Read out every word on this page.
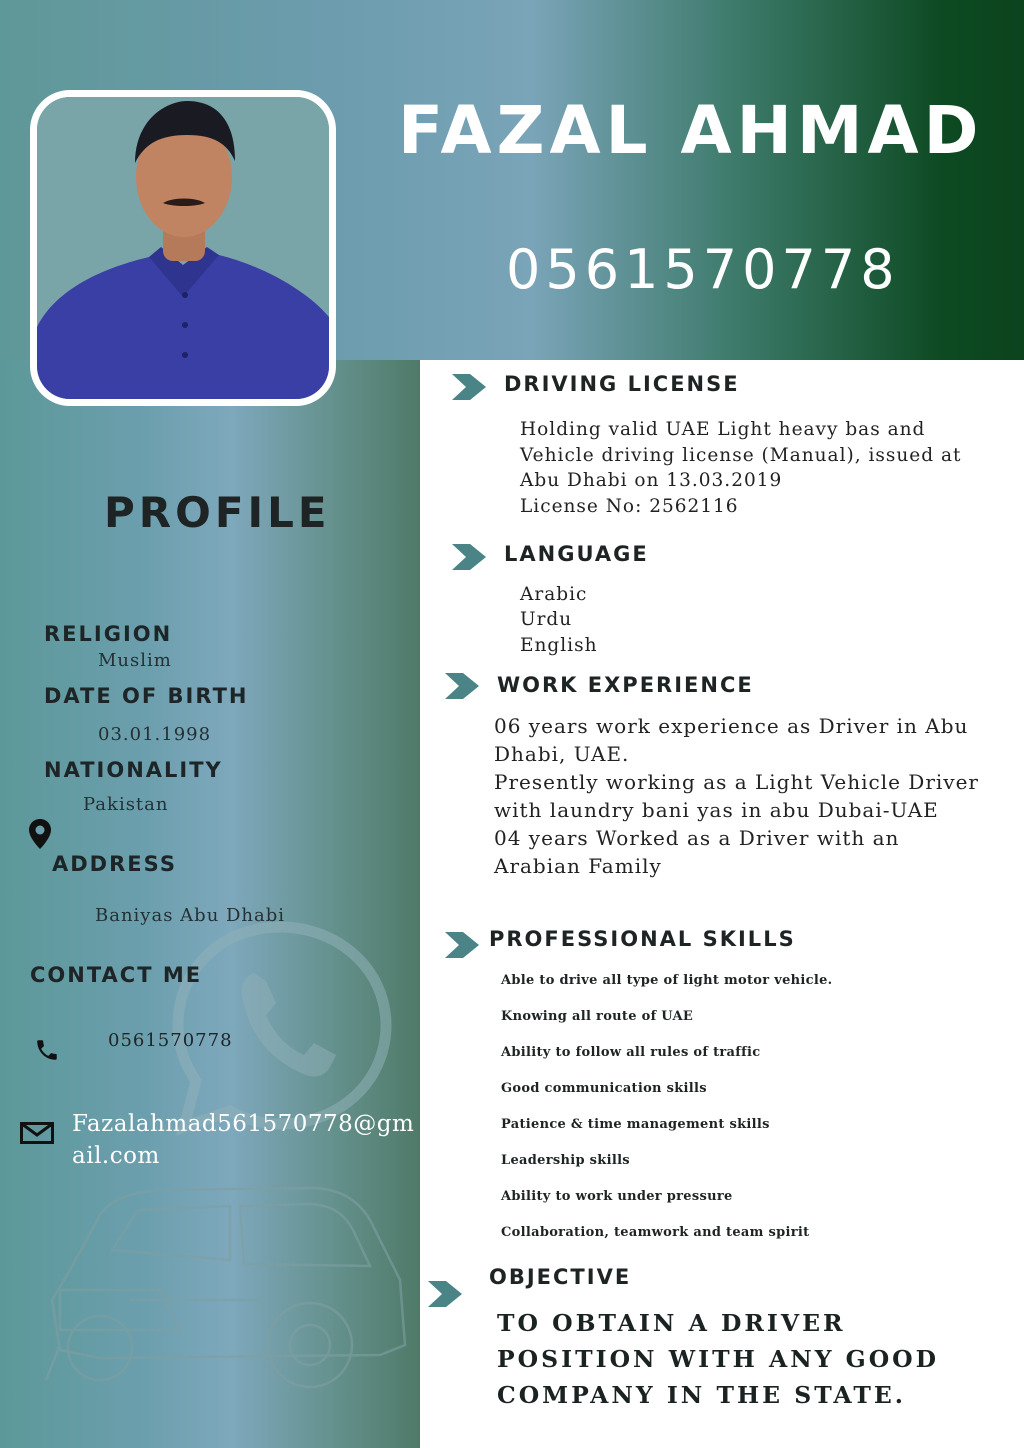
FAZAL AHMAD
0561570778
PROFILE
RELIGION
Muslim
DATE OF BIRTH
03.01.1998
NATIONALITY
Pakistan
ADDRESS
Baniyas Abu Dhabi
CONTACT ME
0561570778
Fazalahmad561570778@gmail.com
DRIVING LICENSE
Holding valid UAE Light heavy bas and
Vehicle driving license (Manual), issued at
Abu Dhabi on 13.03.2019
License No: 2562116
LANGUAGE
Arabic
Urdu
English
WORK EXPERIENCE
06 years work experience as Driver in Abu
Dhabi, UAE.
Presently working as a Light Vehicle Driver
with laundry bani yas in abu Dubai-UAE
04 years Worked as a Driver with an
Arabian Family
PROFESSIONAL SKILLS
Able to drive all type of light motor vehicle.
Knowing all route of UAE
Ability to follow all rules of traffic
Good communication skills
Patience & time management skills
Leadership skills
Ability to work under pressure
Collaboration, teamwork and team spirit
OBJECTIVE
TO OBTAIN A DRIVER POSITION WITH ANY GOOD COMPANY IN THE STATE.
